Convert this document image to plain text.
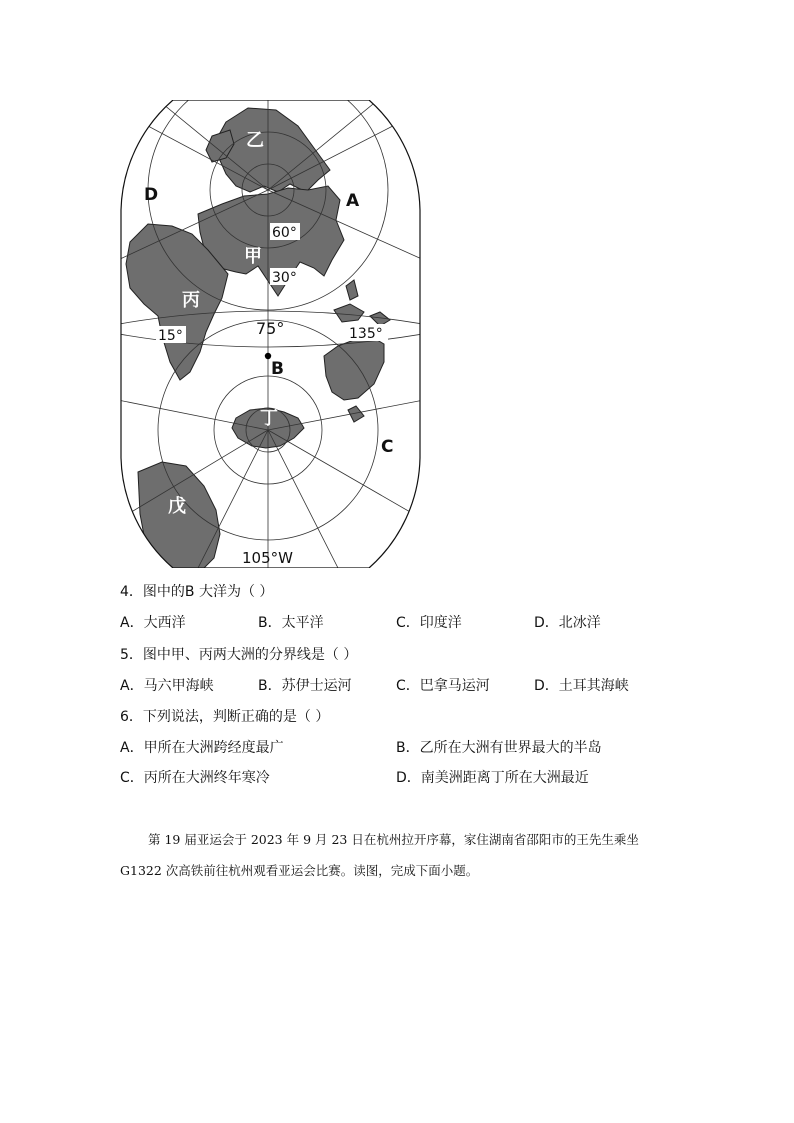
乙
甲
丙
丁
戊
A
B
C
D
60°
30°
75°
15°	135°
105°W
4．图中的B 大洋为（ ）
A．大西洋	B．太平洋	C．印度洋	D．北冰洋
5．图中甲、丙两大洲的分界线是（ ）
A．马六甲海峡	B．苏伊士运河	C．巴拿马运河	D．土耳其海峡
6．下列说法，判断正确的是（ ）
A．甲所在大洲跨经度最广	B．乙所在大洲有世界最大的半岛
C．丙所在大洲终年寒冷	D．南美洲距离丁所在大洲最近
第 19 届亚运会于 2023 年 9 月 23 日在杭州拉开序幕，家住湖南省邵阳市的王先生乘坐
G1322 次高铁前往杭州观看亚运会比赛。读图，完成下面小题。
